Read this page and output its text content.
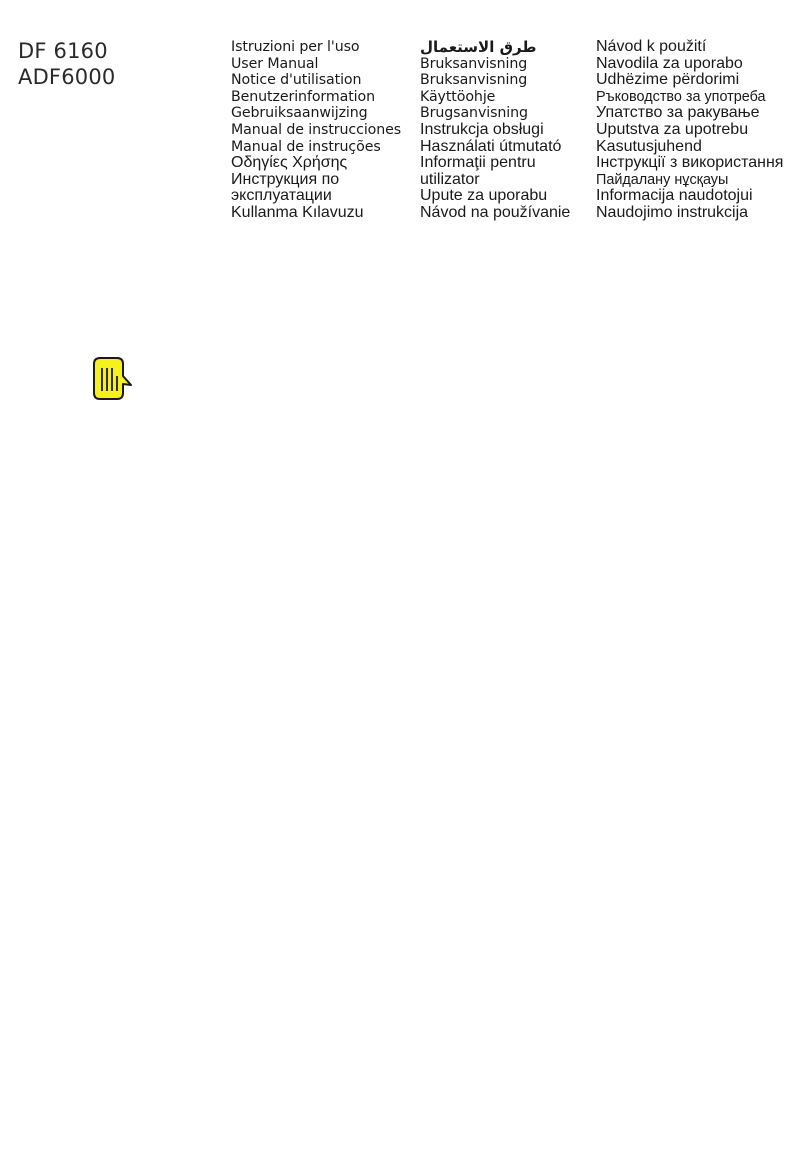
DF 6160
ADF6000
Istruzioni per l'uso
User Manual
Notice d'utilisation
Benutzerinformation
Gebruiksaanwijzing
Manual de instrucciones
Manual de instruções
Οδηγίες Χρήσης
Инструкция по
эксплуатации
Kullanma Kılavuzu
طرق الاستعمال
Bruksanvisning
Bruksanvisning
Käyttöohje
Brugsanvisning
Instrukcja obsługi
Használati útmutató
Informaţii pentru
utilizator
Upute za uporabu
Návod na používanie
Návod k použití
Navodila za uporabo
Udhëzime përdorimi
Ръководство за употреба
Упатство за ракување
Uputstva za upotrebu
Kasutusjuhend
Інструкції з використання
Пайдалану нұсқауы
Informacija naudotojui
Naudojimo instrukcija
